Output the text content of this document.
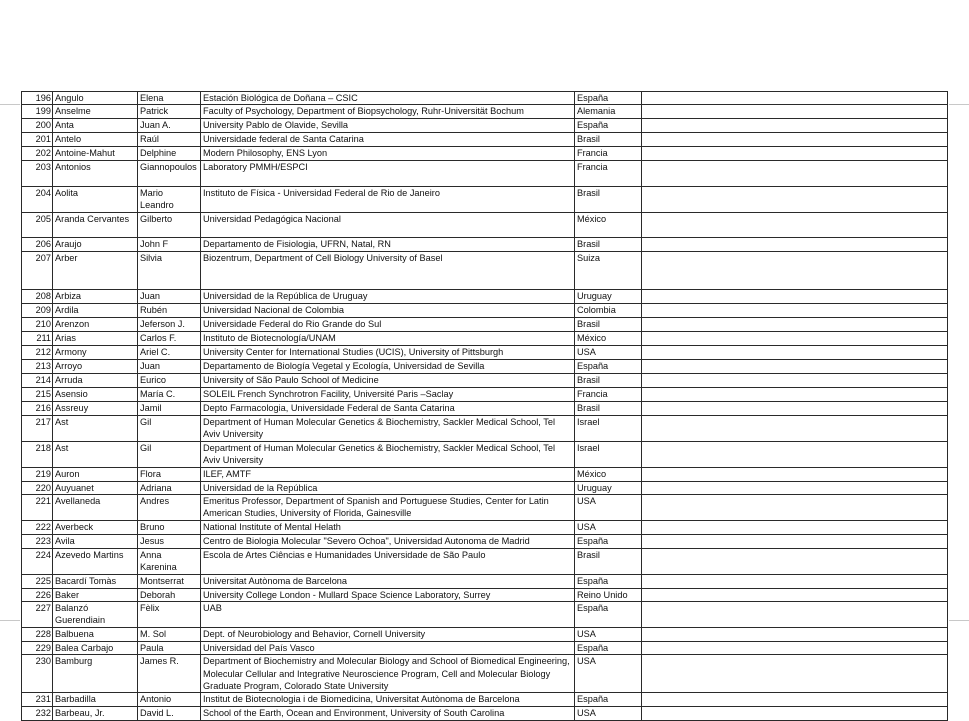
196	Angulo	Elena	Estación Biológica de Doñana – CSIC	España	
199	Anselme	Patrick	Faculty of Psychology, Department of Biopsychology, Ruhr-Universität Bochum	Alemania	
200	Anta	Juan A.	University Pablo de Olavide, Sevilla	España	
201	Antelo	Raúl	Universidade federal de Santa Catarina	Brasil	
202	Antoine-Mahut	Delphine	Modern Philosophy, ENS Lyon	Francia	
203	Antonios	Giannopoulos	Laboratory PMMH/ESPCI	Francia	
204	Aolita	Mario Leandro	Instituto de Física - Universidad Federal de Rio de Janeiro	Brasil	
205	Aranda Cervantes	Gilberto	Universidad Pedagógica Nacional	México	
206	Araujo	John F	Departamento de Fisiologia, UFRN, Natal, RN	Brasil	
207	Arber	Silvia	Biozentrum, Department of Cell Biology University of Basel	Suiza	
208	Arbiza	Juan	Universidad de la República de Uruguay	Uruguay	
209	Ardila	Rubén	Universidad Nacional de Colombia	Colombia	
210	Arenzon	Jeferson J.	Universidade Federal do Rio Grande do Sul	Brasil	
211	Arias	Carlos F.	Instituto de Biotecnología/UNAM	México	
212	Armony	Ariel C.	University Center for International Studies (UCIS), University of Pittsburgh	USA	
213	Arroyo	Juan	Departamento de Biología Vegetal y Ecología, Universidad de Sevilla	España	
214	Arruda	Eurico	University of São Paulo School of Medicine	Brasil	
215	Asensio	María C.	SOLEIL French Synchrotron Facility, Université Paris –Saclay	Francia	
216	Assreuy	Jamil	Depto Farmacologia, Universidade Federal de Santa Catarina	Brasil	
217	Ast	Gil	Department of Human Molecular Genetics & Biochemistry, Sackler Medical School, Tel Aviv University	Israel	
218	Ast	Gil	Department of Human Molecular Genetics & Biochemistry, Sackler Medical School, Tel Aviv University	Israel	
219	Auron	Flora	ILEF, AMTF	México	
220	Auyuanet	Adriana	Universidad de la República	Uruguay	
221	Avellaneda	Andres	Emeritus Professor, Department of Spanish and Portuguese Studies, Center for Latin American Studies, University of Florida, Gainesville	USA	
222	Averbeck	Bruno	National Institute of Mental Helath	USA	
223	Avila	Jesus	Centro de Biologia Molecular "Severo Ochoa", Universidad Autonoma de Madrid	España	
224	Azevedo Martins	Anna Karenina	Escola de Artes Ciências e Humanidades Universidade de São Paulo	Brasil	
225	Bacardí Tomàs	Montserrat	Universitat Autònoma de Barcelona	España	
226	Baker	Deborah	University College London - Mullard Space Science Laboratory, Surrey	Reino Unido	
227	Balanzó Guerendiain	Fèlix	UAB	España	
228	Balbuena	M. Sol	Dept. of Neurobiology and Behavior, Cornell University	USA	
229	Balea Carbajo	Paula	Universidad del País Vasco	España	
230	Bamburg	James R.	Department of Biochemistry and Molecular Biology and School of Biomedical Engineering, Molecular Cellular and Integrative Neuroscience Program, Cell and Molecular Biology Graduate Program, Colorado State University	USA	
231	Barbadilla	Antonio	Institut de Biotecnologia i de Biomedicina, Universitat Autònoma de Barcelona	España	
232	Barbeau, Jr.	David L.	School of the Earth, Ocean and Environment, University of South Carolina	USA	
